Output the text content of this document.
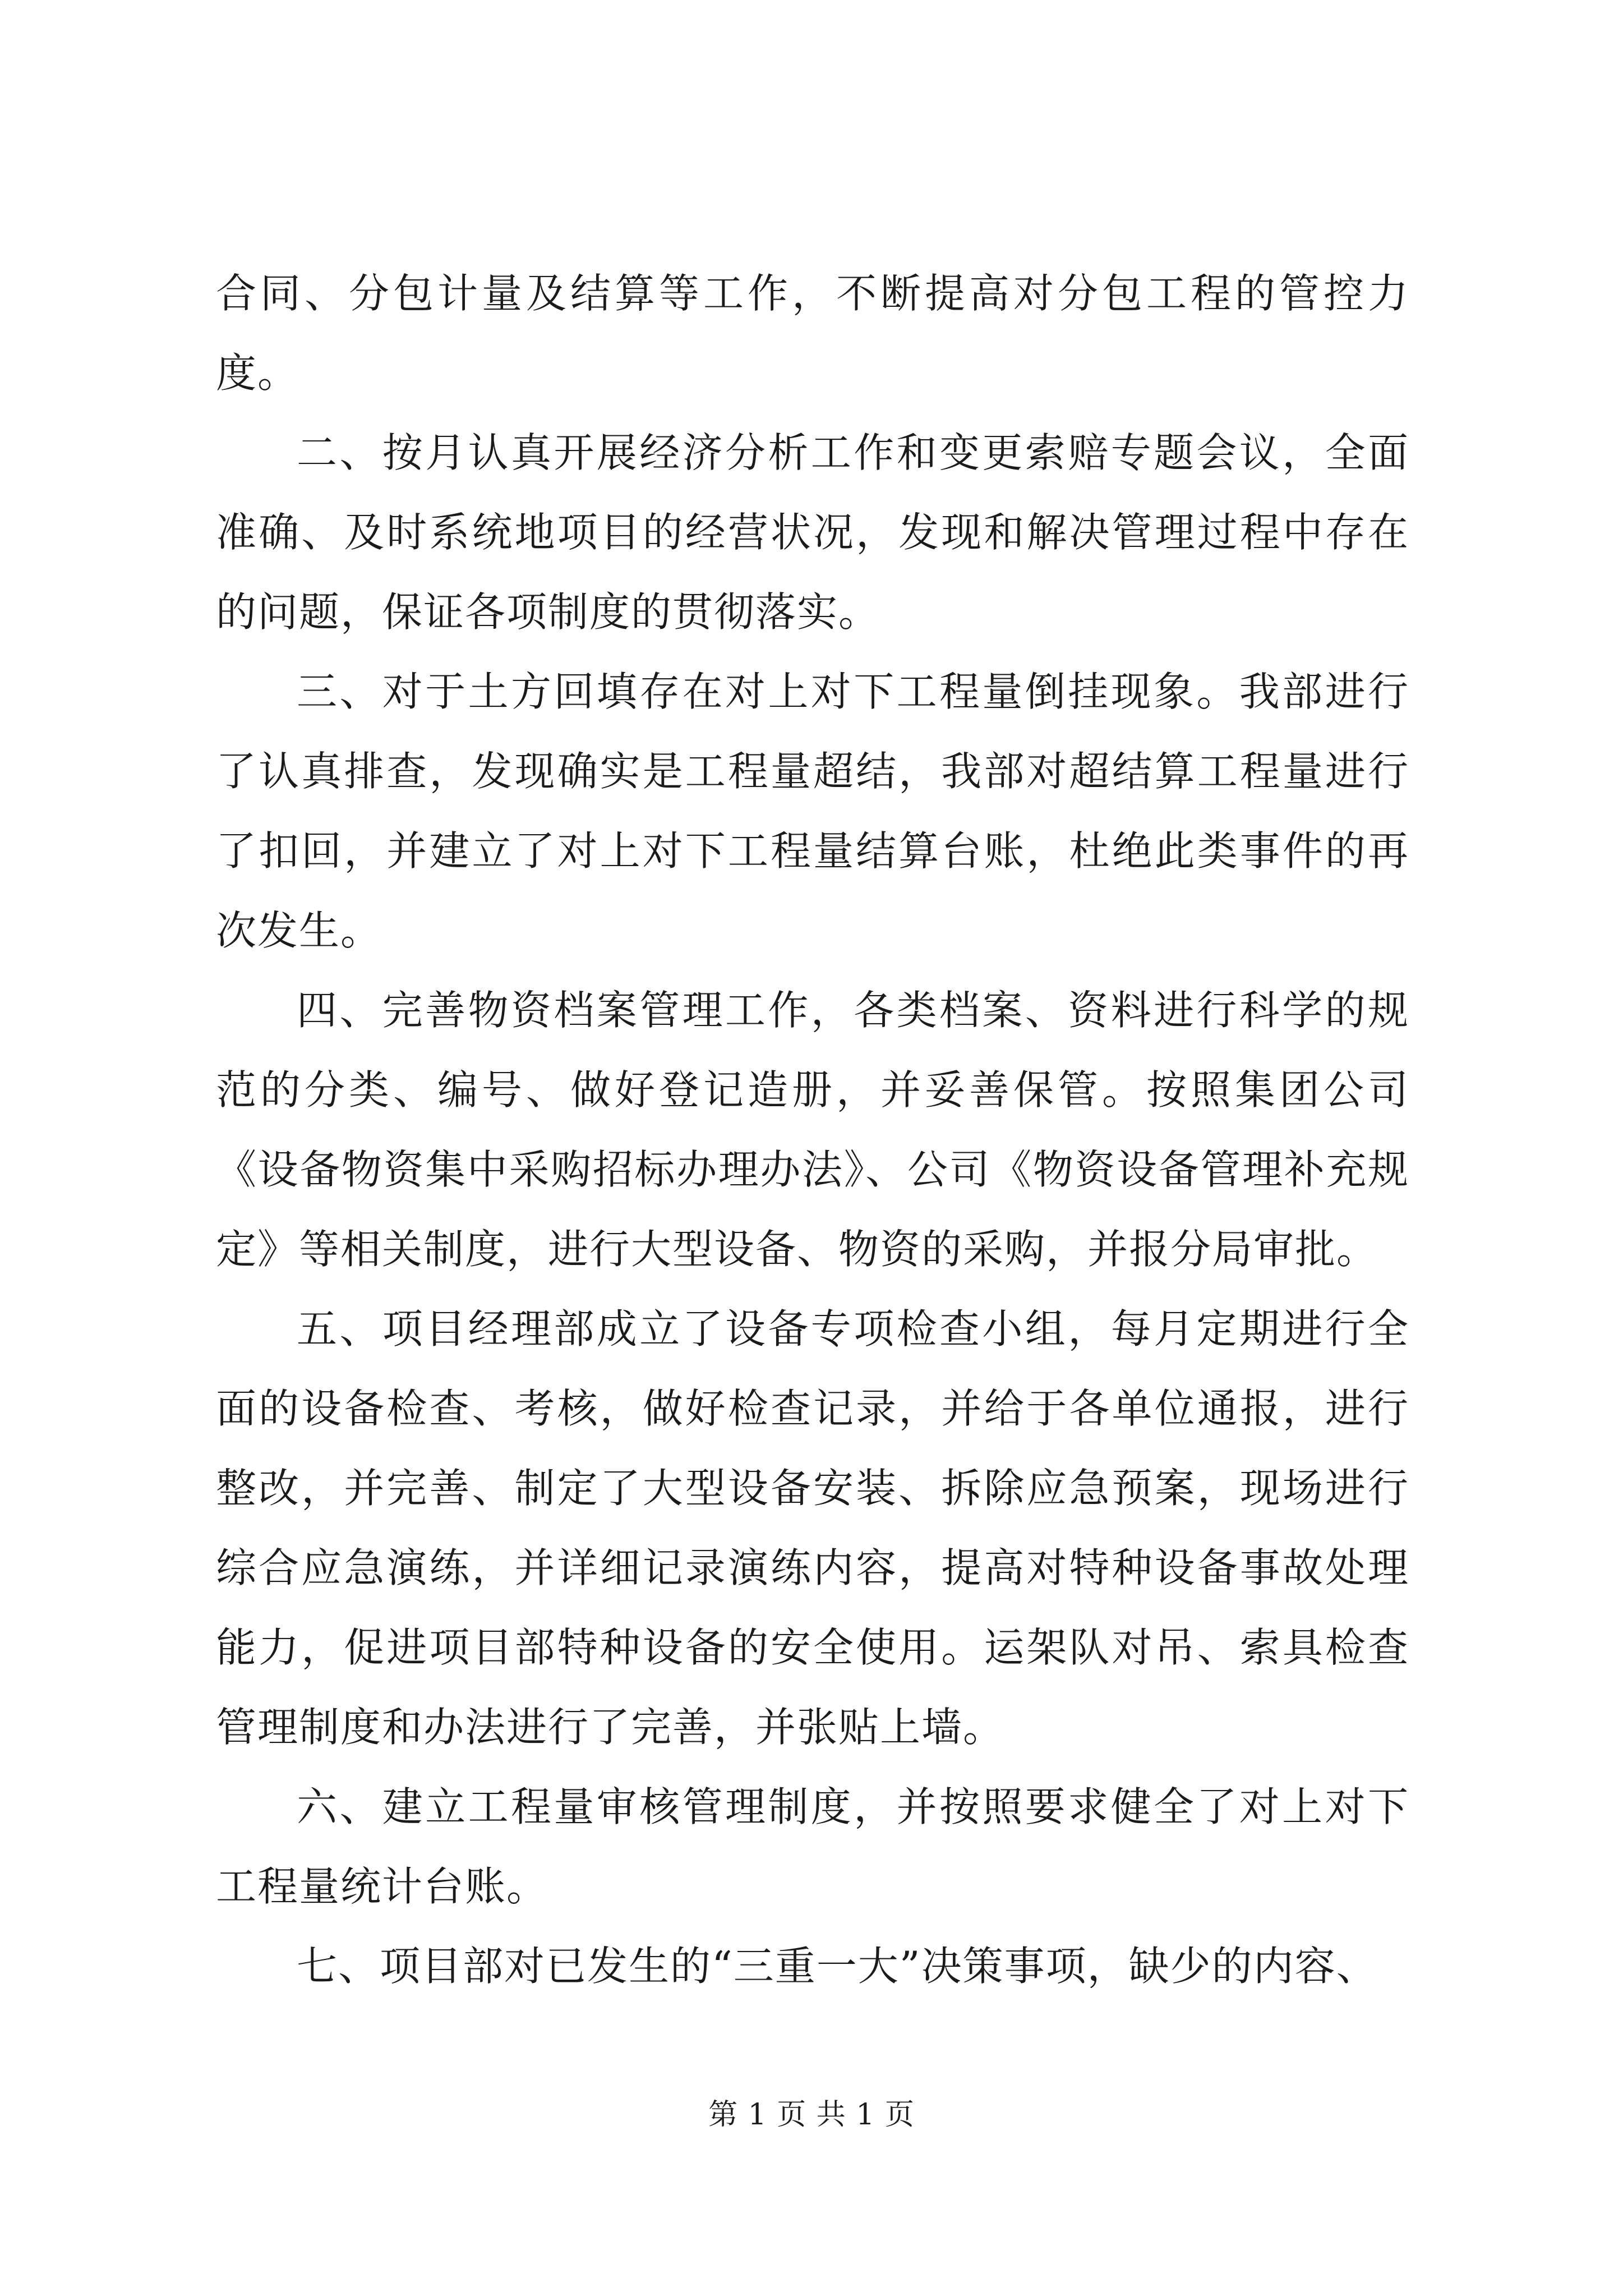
合同、分包计量及结算等工作，不断提高对分包工程的管控力度。

二、按月认真开展经济分析工作和变更索赔专题会议，全面准确、及时系统地项目的经营状况，发现和解决管理过程中存在的问题，保证各项制度的贯彻落实。

三、对于土方回填存在对上对下工程量倒挂现象。我部进行了认真排查，发现确实是工程量超结，我部对超结算工程量进行了扣回，并建立了对上对下工程量结算台账，杜绝此类事件的再次发生。

四、完善物资档案管理工作，各类档案、资料进行科学的规范的分类、编号、做好登记造册，并妥善保管。按照集团公司《设备物资集中采购招标办理办法》、公司《物资设备管理补充规定》等相关制度，进行大型设备、物资的采购，并报分局审批。

五、项目经理部成立了设备专项检查小组，每月定期进行全面的设备检查、考核，做好检查记录，并给于各单位通报，进行整改，并完善、制定了大型设备安装、拆除应急预案，现场进行综合应急演练，并详细记录演练内容，提高对特种设备事故处理能力，促进项目部特种设备的安全使用。运架队对吊、索具检查管理制度和办法进行了完善，并张贴上墙。

六、建立工程量审核管理制度，并按照要求健全了对上对下工程量统计台账。

七、项目部对已发生的“三重一大”决策事项，缺少的内容、

第 1 页 共 1 页
